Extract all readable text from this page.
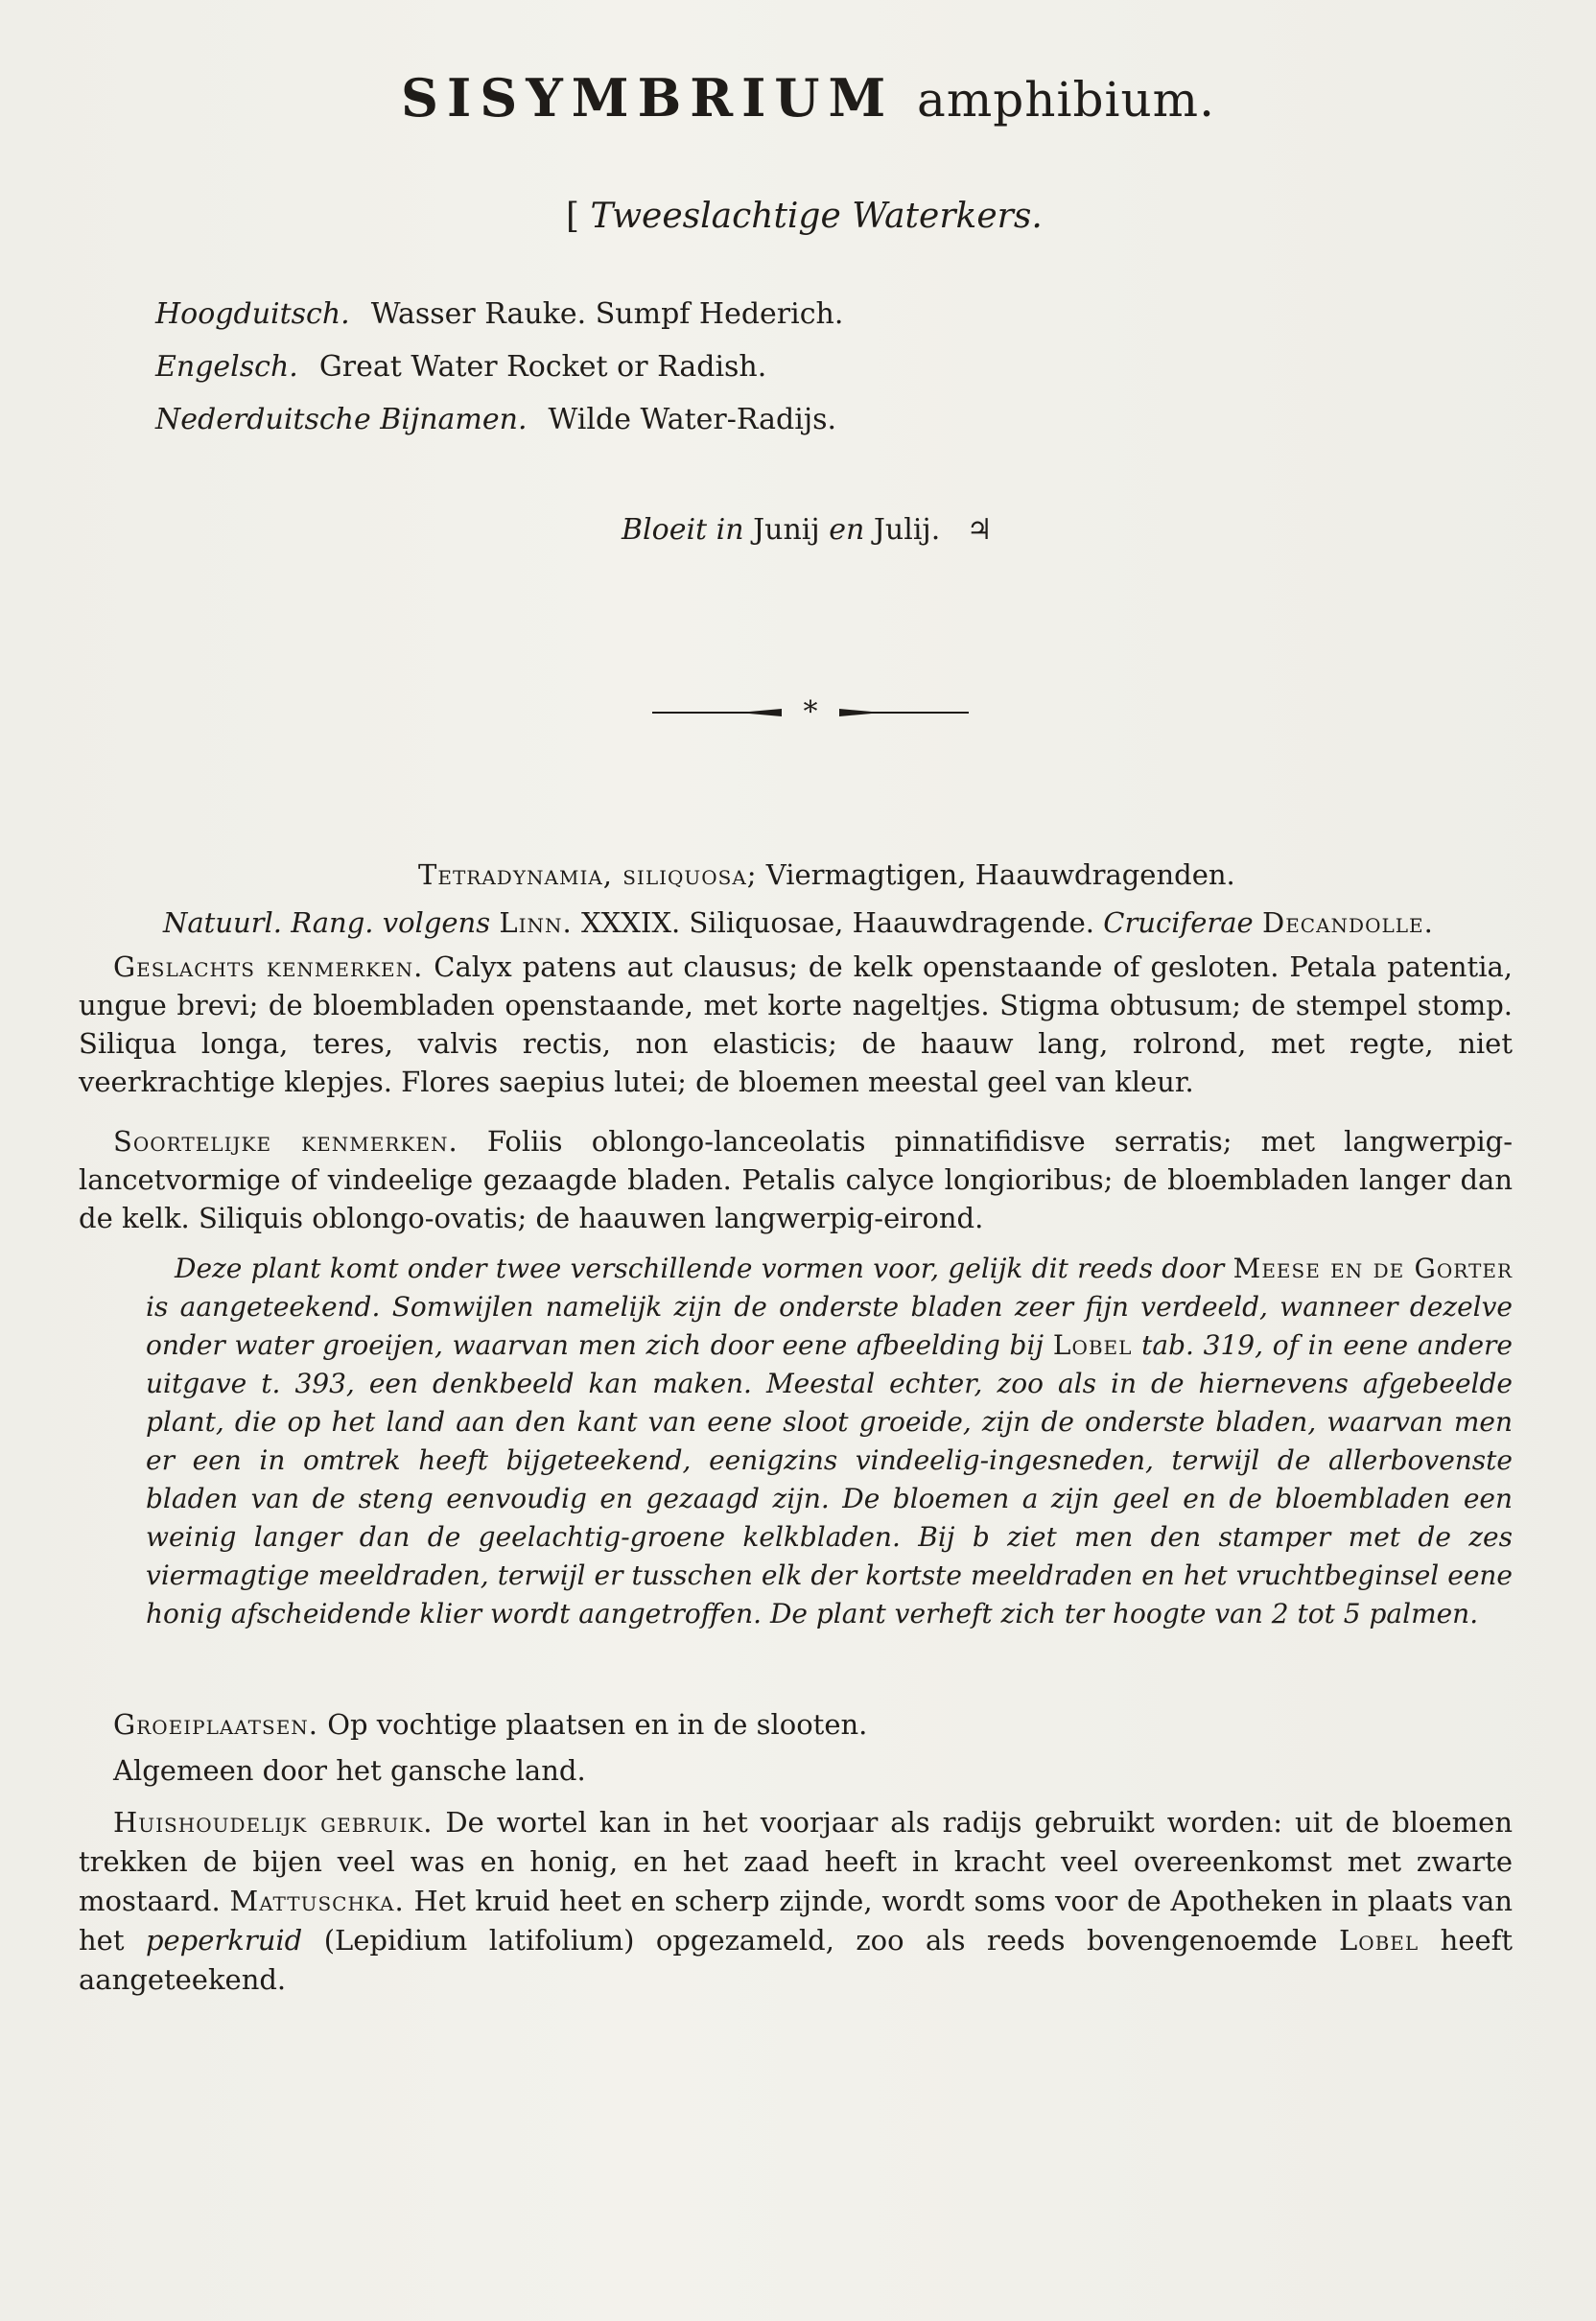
SISYMBRIUM amphibium.
[ Tweeslachtige Waterkers.
Hoogduitsch. Wasser Rauke. Sumpf Hederich.
Engelsch. Great Water Rocket or Radish.
Nederduitsche Bijnamen. Wilde Water-Radijs.
Bloeit in Junij en Julij. ♃
*
Tetradynamia, siliquosa; Viermagtigen, Haauwdragenden.
Natuurl. Rang. volgens Linn. XXXIX. Siliquosae, Haauwdragende. Cruciferae Decandolle.
Geslachts kenmerken. Calyx patens aut clausus; de kelk openstaande of gesloten. Petala patentia, ungue brevi; de bloembladen openstaande, met korte nageltjes. Stigma obtusum; de stempel stomp. Siliqua longa, teres, valvis rectis, non elasticis; de haauw lang, rolrond, met regte, niet veerkrachtige klepjes. Flores saepius lutei; de bloemen meestal geel van kleur.
Soortelijke kenmerken. Foliis oblongo-lanceolatis pinnatifidisve serratis; met langwerpig-lancetvormige of vindeelige gezaagde bladen. Petalis calyce longioribus; de bloembladen langer dan de kelk. Siliquis oblongo-ovatis; de haauwen langwerpig-eirond.
Deze plant komt onder twee verschillende vormen voor, gelijk dit reeds door Meese en de Gorter is aangeteekend. Somwijlen namelijk zijn de onderste bladen zeer fijn verdeeld, wanneer dezelve onder water groeijen, waarvan men zich door eene afbeelding bij Lobel tab. 319, of in eene andere uitgave t. 393, een denkbeeld kan maken. Meestal echter, zoo als in de hiernevens afgebeelde plant, die op het land aan den kant van eene sloot groeide, zijn de onderste bladen, waarvan men er een in omtrek heeft bijgeteekend, eenigzins vindeelig-ingesneden, terwijl de allerbovenste bladen van de steng eenvoudig en gezaagd zijn. De bloemen a zijn geel en de bloembladen een weinig langer dan de geelachtig-groene kelkbladen. Bij b ziet men den stamper met de zes viermagtige meeldraden, terwijl er tusschen elk der kortste meeldraden en het vruchtbeginsel eene honig afscheidende klier wordt aangetroffen. De plant verheft zich ter hoogte van 2 tot 5 palmen.
Groeiplaatsen. Op vochtige plaatsen en in de slooten.
Algemeen door het gansche land.
Huishoudelijk gebruik. De wortel kan in het voorjaar als radijs gebruikt worden: uit de bloemen trekken de bijen veel was en honig, en het zaad heeft in kracht veel overeenkomst met zwarte mostaard. Mattuschka. Het kruid heet en scherp zijnde, wordt soms voor de Apotheken in plaats van het peperkruid (Lepidium latifolium) opgezameld, zoo als reeds bovengenoemde Lobel heeft aangeteekend.
